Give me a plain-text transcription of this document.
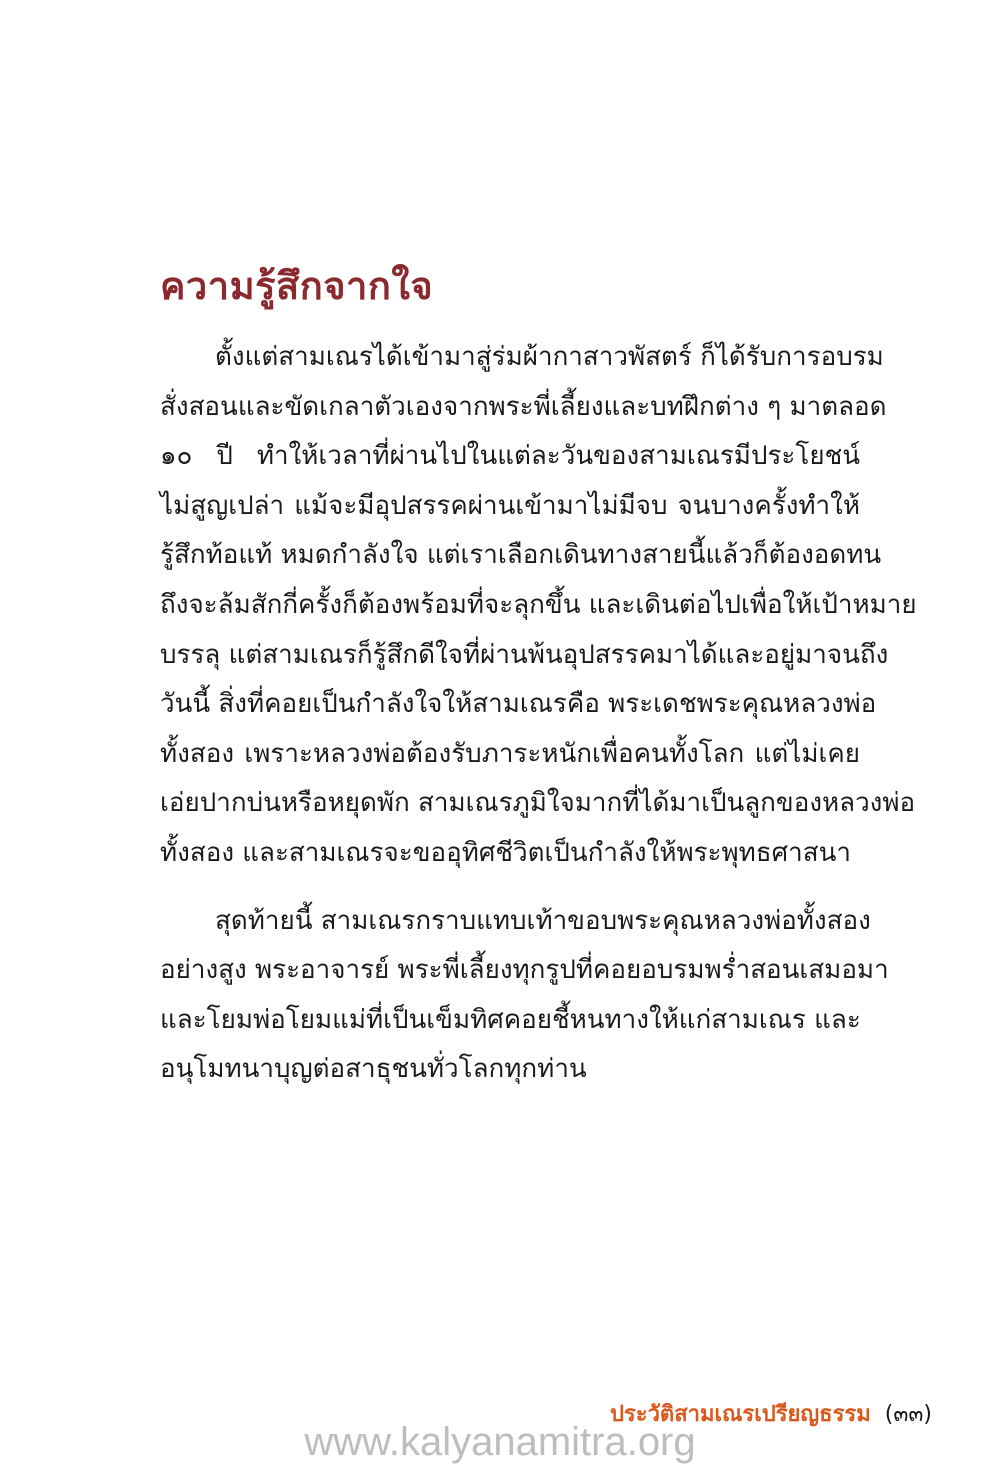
ความรู้สึกจากใจ
ตั้งแต่สามเณรได้เข้ามาสู่ร่มผ้ากาสาวพัสตร์ ก็ได้รับการอบรม
สั่งสอนและขัดเกลาตัวเองจากพระพี่เลี้ยงและบทฝึกต่าง ๆ มาตลอด
๑๐ ปี ทำให้เวลาที่ผ่านไปในแต่ละวันของสามเณรมีประโยชน์
ไม่สูญเปล่า แม้จะมีอุปสรรคผ่านเข้ามาไม่มีจบ จนบางครั้งทำให้
รู้สึกท้อแท้ หมดกำลังใจ แต่เราเลือกเดินทางสายนี้แล้วก็ต้องอดทน
ถึงจะล้มสักกี่ครั้งก็ต้องพร้อมที่จะลุกขึ้น และเดินต่อไปเพื่อให้เป้าหมาย
บรรลุ แต่สามเณรก็รู้สึกดีใจที่ผ่านพ้นอุปสรรคมาได้และอยู่มาจนถึง
วันนี้ สิ่งที่คอยเป็นกำลังใจให้สามเณรคือ พระเดชพระคุณหลวงพ่อ
ทั้งสอง เพราะหลวงพ่อต้องรับภาระหนักเพื่อคนทั้งโลก แต่ไม่เคย
เอ่ยปากบ่นหรือหยุดพัก สามเณรภูมิใจมากที่ได้มาเป็นลูกของหลวงพ่อ
ทั้งสอง และสามเณรจะขออุทิศชีวิตเป็นกำลังให้พระพุทธศาสนา
สุดท้ายนี้ สามเณรกราบแทบเท้าขอบพระคุณหลวงพ่อทั้งสอง
อย่างสูง พระอาจารย์ พระพี่เลี้ยงทุกรูปที่คอยอบรมพร่ำสอนเสมอมา
และโยมพ่อโยมแม่ที่เป็นเข็มทิศคอยชี้หนทางให้แก่สามเณร และ
อนุโมทนาบุญต่อสาธุชนทั่วโลกทุกท่าน
ประวัติสามเณรเปรียญธรรม (๓๓)
www.kalyanamitra.org
